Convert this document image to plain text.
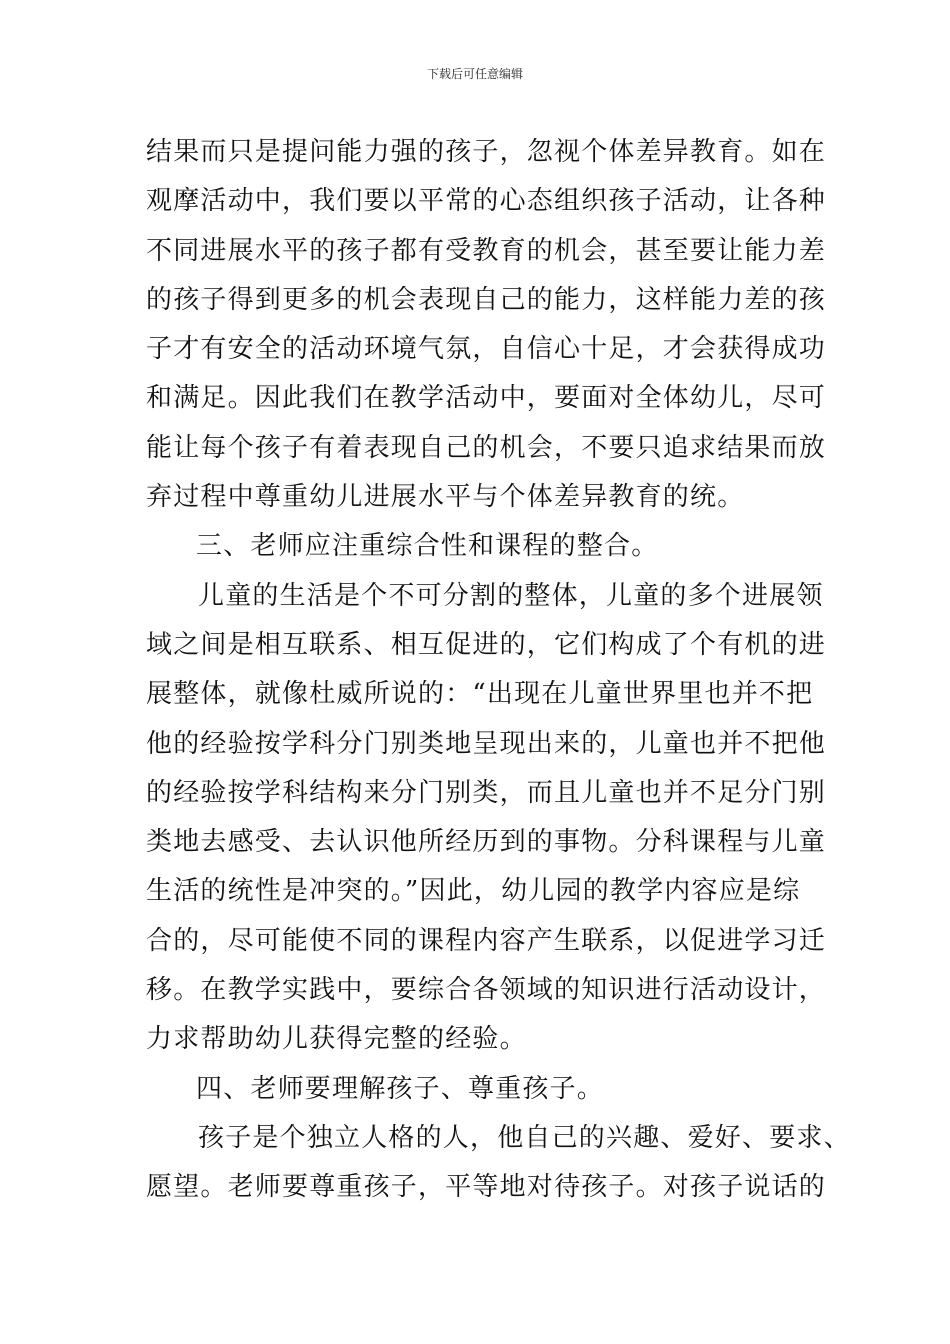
下载后可任意编辑
结果而只是提问能力强的孩子，忽视个体差异教育。如在
观摩活动中，我们要以平常的心态组织孩子活动，让各种
不同进展水平的孩子都有受教育的机会，甚至要让能力差
的孩子得到更多的机会表现自己的能力，这样能力差的孩
子才有安全的活动环境气氛，自信心十足，才会获得成功
和满足。因此我们在教学活动中，要面对全体幼儿，尽可
能让每个孩子有着表现自己的机会，不要只追求结果而放
弃过程中尊重幼儿进展水平与个体差异教育的统。
三、老师应注重综合性和课程的整合。
儿童的生活是个不可分割的整体，儿童的多个进展领
域之间是相互联系、相互促进的，它们构成了个有机的进
展整体，就像杜威所说的：“出现在儿童世界里也并不把
他的经验按学科分门别类地呈现出来的，儿童也并不把他
的经验按学科结构来分门别类，而且儿童也并不足分门别
类地去感受、去认识他所经历到的事物。分科课程与儿童
生活的统性是冲突的。”因此，幼儿园的教学内容应是综
合的，尽可能使不同的课程内容产生联系，以促进学习迁
移。在教学实践中，要综合各领域的知识进行活动设计，
力求帮助幼儿获得完整的经验。
四、老师要理解孩子、尊重孩子。
孩子是个独立人格的人，他自己的兴趣、爱好、要求、
愿望。老师要尊重孩子，平等地对待孩子。对孩子说话的
